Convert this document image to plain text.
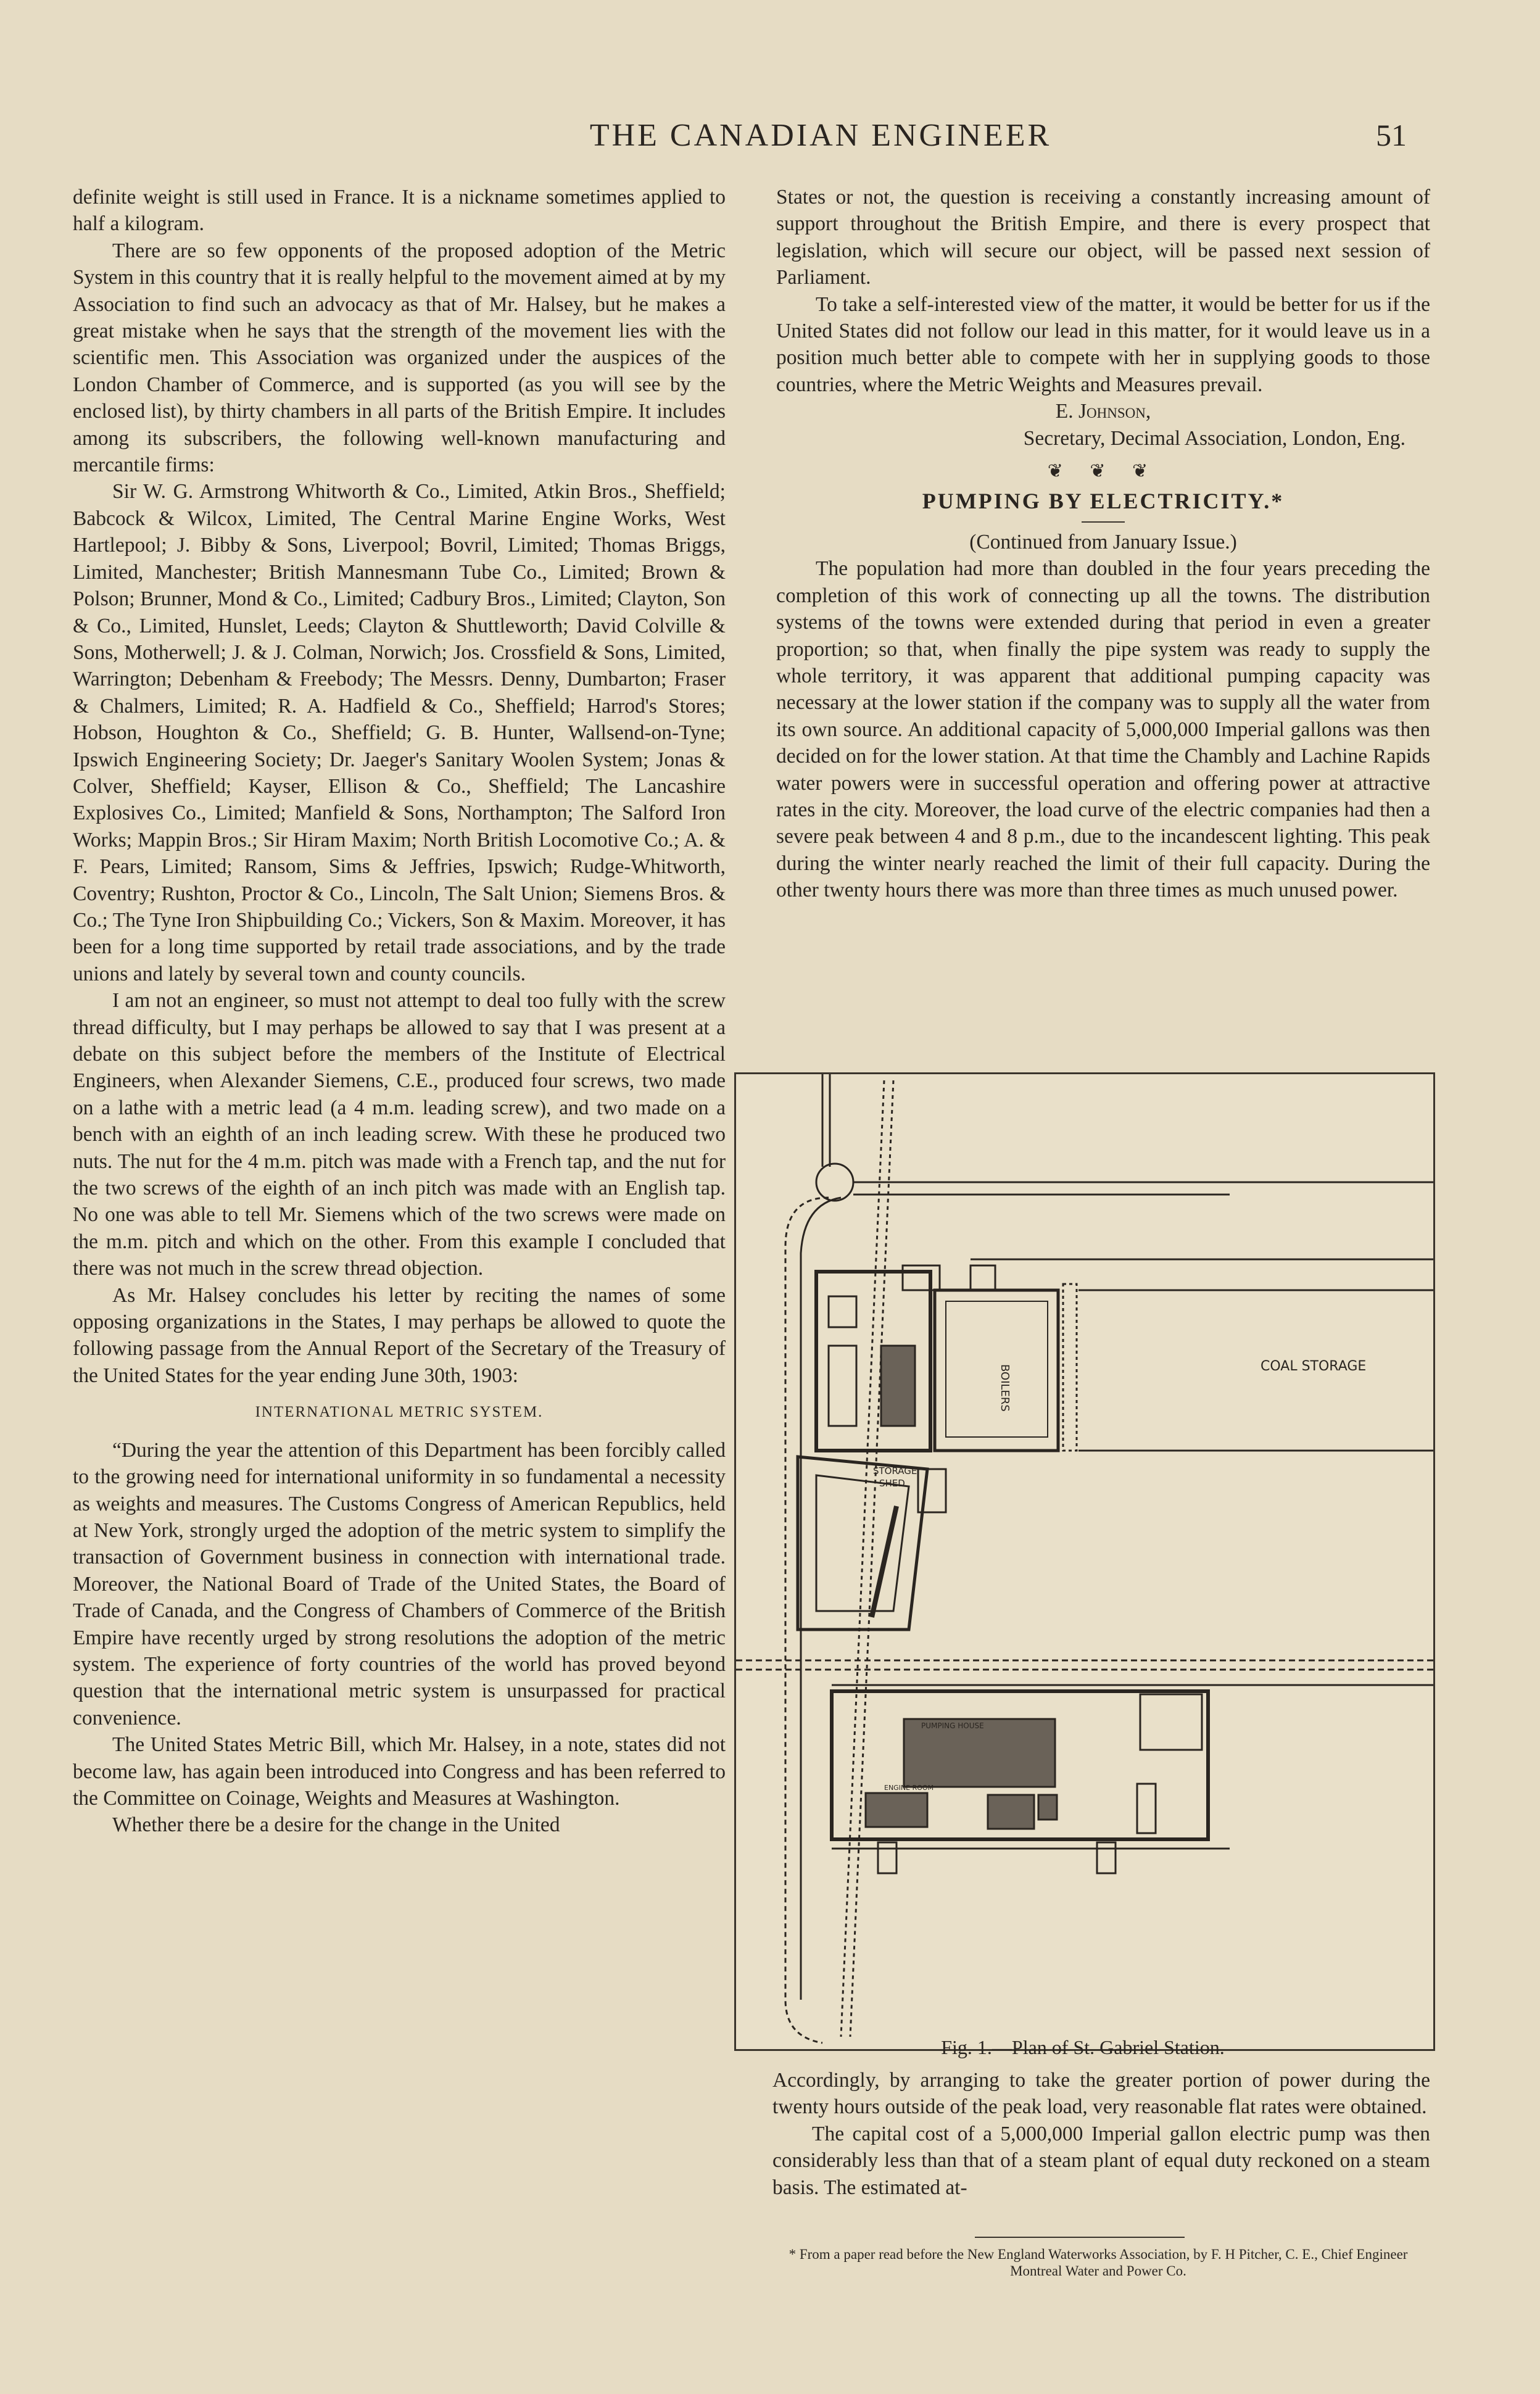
THE CANADIAN ENGINEER	51

definite weight is still used in France. It is a nickname sometimes applied to half a kilogram.

There are so few opponents of the proposed adoption of the Metric System in this country that it is really helpful to the movement aimed at by my Association to find such an advocacy as that of Mr. Halsey, but he makes a great mistake when he says that the strength of the movement lies with the scientific men. This Association was organized under the auspices of the London Chamber of Commerce, and is supported (as you will see by the enclosed list), by thirty chambers in all parts of the British Empire. It includes among its subscribers, the following well-known manufacturing and mercantile firms:

Sir W. G. Armstrong Whitworth & Co., Limited, Atkin Bros., Sheffield; Babcock & Wilcox, Limited, The Central Marine Engine Works, West Hartlepool; J. Bibby & Sons, Liverpool; Bovril, Limited; Thomas Briggs, Limited, Manchester; British Mannesmann Tube Co., Limited; Brown & Polson; Brunner, Mond & Co., Limited; Cadbury Bros., Limited; Clayton, Son & Co., Limited, Hunslet, Leeds; Clayton & Shuttleworth; David Colville & Sons, Motherwell; J. & J. Colman, Norwich; Jos. Crossfield & Sons, Limited, Warrington; Debenham & Freebody; The Messrs. Denny, Dumbarton; Fraser & Chalmers, Limited; R. A. Hadfield & Co., Sheffield; Harrod's Stores; Hobson, Houghton & Co., Sheffield; G. B. Hunter, Wallsend-on-Tyne; Ipswich Engineering Society; Dr. Jaeger's Sanitary Woolen System; Jonas & Colver, Sheffield; Kayser, Ellison & Co., Sheffield; The Lancashire Explosives Co., Limited; Manfield & Sons, Northampton; The Salford Iron Works; Mappin Bros.; Sir Hiram Maxim; North British Locomotive Co.; A. & F. Pears, Limited; Ransom, Sims & Jeffries, Ipswich; Rudge-Whitworth, Coventry; Rushton, Proctor & Co., Lincoln, The Salt Union; Siemens Bros. & Co.; The Tyne Iron Shipbuilding Co.; Vickers, Son & Maxim. Moreover, it has been for a long time supported by retail trade associations, and by the trade unions and lately by several town and county councils.

I am not an engineer, so must not attempt to deal too fully with the screw thread difficulty, but I may perhaps be allowed to say that I was present at a debate on this subject before the members of the Institute of Electrical Engineers, when Alexander Siemens, C.E., produced four screws, two made on a lathe with a metric lead (a 4 m.m. leading screw), and two made on a bench with an eighth of an inch leading screw. With these he produced two nuts. The nut for the 4 m.m. pitch was made with a French tap, and the nut for the two screws of the eighth of an inch pitch was made with an English tap. No one was able to tell Mr. Siemens which of the two screws were made on the m.m. pitch and which on the other. From this example I concluded that there was not much in the screw thread objection.

As Mr. Halsey concludes his letter by reciting the names of some opposing organizations in the States, I may perhaps be allowed to quote the following passage from the Annual Report of the Secretary of the Treasury of the United States for the year ending June 30th, 1903:

INTERNATIONAL METRIC SYSTEM.

“During the year the attention of this Department has been forcibly called to the growing need for international uniformity in so fundamental a necessity as weights and measures. The Customs Congress of American Republics, held at New York, strongly urged the adoption of the metric system to simplify the transaction of Government business in connection with international trade. Moreover, the National Board of Trade of the United States, the Board of Trade of Canada, and the Congress of Chambers of Commerce of the British Empire have recently urged by strong resolutions the adoption of the metric system. The experience of forty countries of the world has proved beyond question that the international metric system is unsurpassed for practical convenience.

The United States Metric Bill, which Mr. Halsey, in a note, states did not become law, has again been introduced into Congress and has been referred to the Committee on Coinage, Weights and Measures at Washington.

Whether there be a desire for the change in the United

States or not, the question is receiving a constantly increasing amount of support throughout the British Empire, and there is every prospect that legislation, which will secure our object, will be passed next session of Parliament.

To take a self-interested view of the matter, it would be better for us if the United States did not follow our lead in this matter, for it would leave us in a position much better able to compete with her in supplying goods to those countries, where the Metric Weights and Measures prevail.

E. Johnson,
Secretary, Decimal Association, London, Eng.
❦ ❦ ❦
PUMPING BY ELECTRICITY.*
(Continued from January Issue.)

The population had more than doubled in the four years preceding the completion of this work of connecting up all the towns. The distribution systems of the towns were extended during that period in even a greater proportion; so that, when finally the pipe system was ready to supply the whole territory, it was apparent that additional pumping capacity was necessary at the lower station if the company was to supply all the water from its own source. An additional capacity of 5,000,000 Imperial gallons was then decided on for the lower station. At that time the Chambly and Lachine Rapids water powers were in successful operation and offering power at attractive rates in the city. Moreover, the load curve of the electric companies had then a severe peak between 4 and 8 p.m., due to the incandescent lighting. This peak during the winter nearly reached the limit of their full capacity. During the other twenty hours there was more than three times as much unused power.

BOILERS	COAL STORAGE
STORAGE
SHED
PUMPING HOUSE
ENGINE ROOM
Fig. 1.—Plan of St. Gabriel Station.

Accordingly, by arranging to take the greater portion of power during the twenty hours outside of the peak load, very reasonable flat rates were obtained.

The capital cost of a 5,000,000 Imperial gallon electric pump was then considerably less than that of a steam plant of equal duty reckoned on a steam basis. The estimated at-

* From a paper read before the New England Waterworks Association, by F. H Pitcher, C. E., Chief Engineer Montreal Water and Power Co.
